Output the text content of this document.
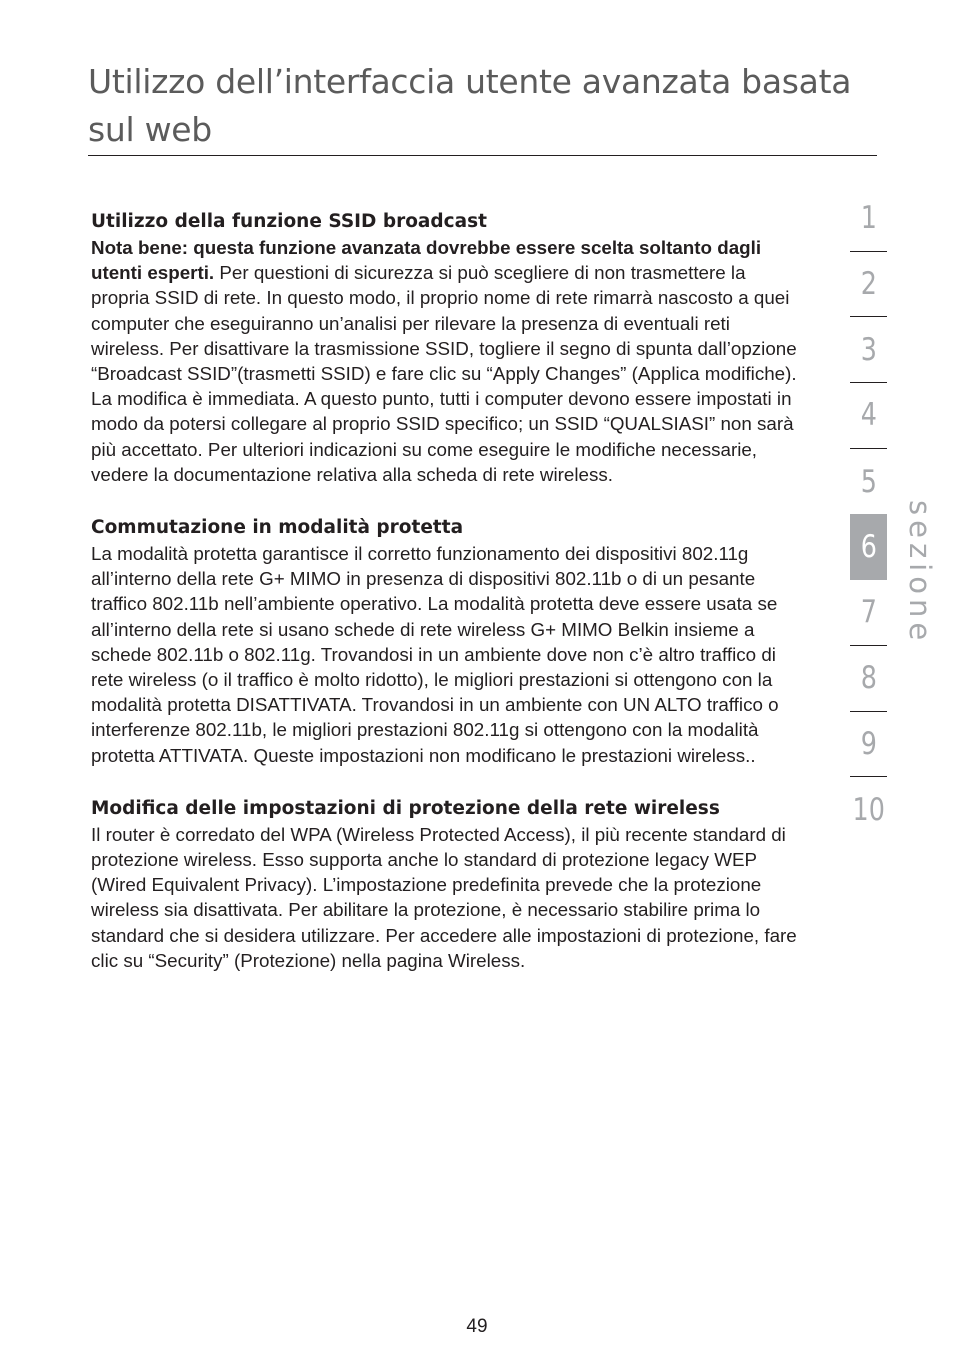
Utilizzo dell’interfaccia utente avanzata basata sul web
Utilizzo della funzione SSID broadcast

Nota bene: questa funzione avanzata dovrebbe essere scelta soltanto dagli utenti esperti. Per questioni di sicurezza si può scegliere di non trasmettere la propria SSID di rete. In questo modo, il proprio nome di rete rimarrà nascosto a quei computer che eseguiranno un’analisi per rilevare la presenza di eventuali reti wireless. Per disattivare la trasmissione SSID, togliere il segno di spunta dall’opzione “Broadcast SSID”(trasmetti SSID) e fare clic su “Apply Changes” (Applica modifiche). La modifica è immediata. A questo punto, tutti i computer devono essere impostati in modo da potersi collegare al proprio SSID specifico; un SSID “QUALSIASI” non sarà più accettato. Per ulteriori indicazioni su come eseguire le modifiche necessarie, vedere la documentazione relativa alla scheda di rete wireless.

Commutazione in modalità protetta

La modalità protetta garantisce il corretto funzionamento dei dispositivi 802.11g all’interno della rete G+ MIMO in presenza di dispositivi 802.11b o di un pesante traffico 802.11b nell’ambiente operativo. La modalità protetta deve essere usata se all’interno della rete si usano schede di rete wireless G+ MIMO Belkin insieme a schede 802.11b o 802.11g. Trovandosi in un ambiente dove non c’è altro traffico di rete wireless (o il traffico è molto ridotto), le migliori prestazioni si ottengono con la modalità protetta DISATTIVATA. Trovandosi in un ambiente con UN ALTO traffico o interferenze 802.11b, le migliori prestazioni 802.11g si ottengono con la modalità protetta ATTIVATA. Queste impostazioni non modificano le prestazioni wireless..

Modifica delle impostazioni di protezione della rete wireless

Il router è corredato del WPA (Wireless Protected Access), il più recente standard di protezione wireless. Esso supporta anche lo standard di protezione legacy WEP (Wired Equivalent Privacy). L’impostazione predefinita prevede che la protezione wireless sia disattivata. Per abilitare la protezione, è necessario stabilire prima lo standard che si desidera utilizzare. Per accedere alle impostazioni di protezione, fare clic su “Security” (Protezione) nella pagina Wireless.

1
2
3
4
5
6
7
8
9
10
sezione
49
